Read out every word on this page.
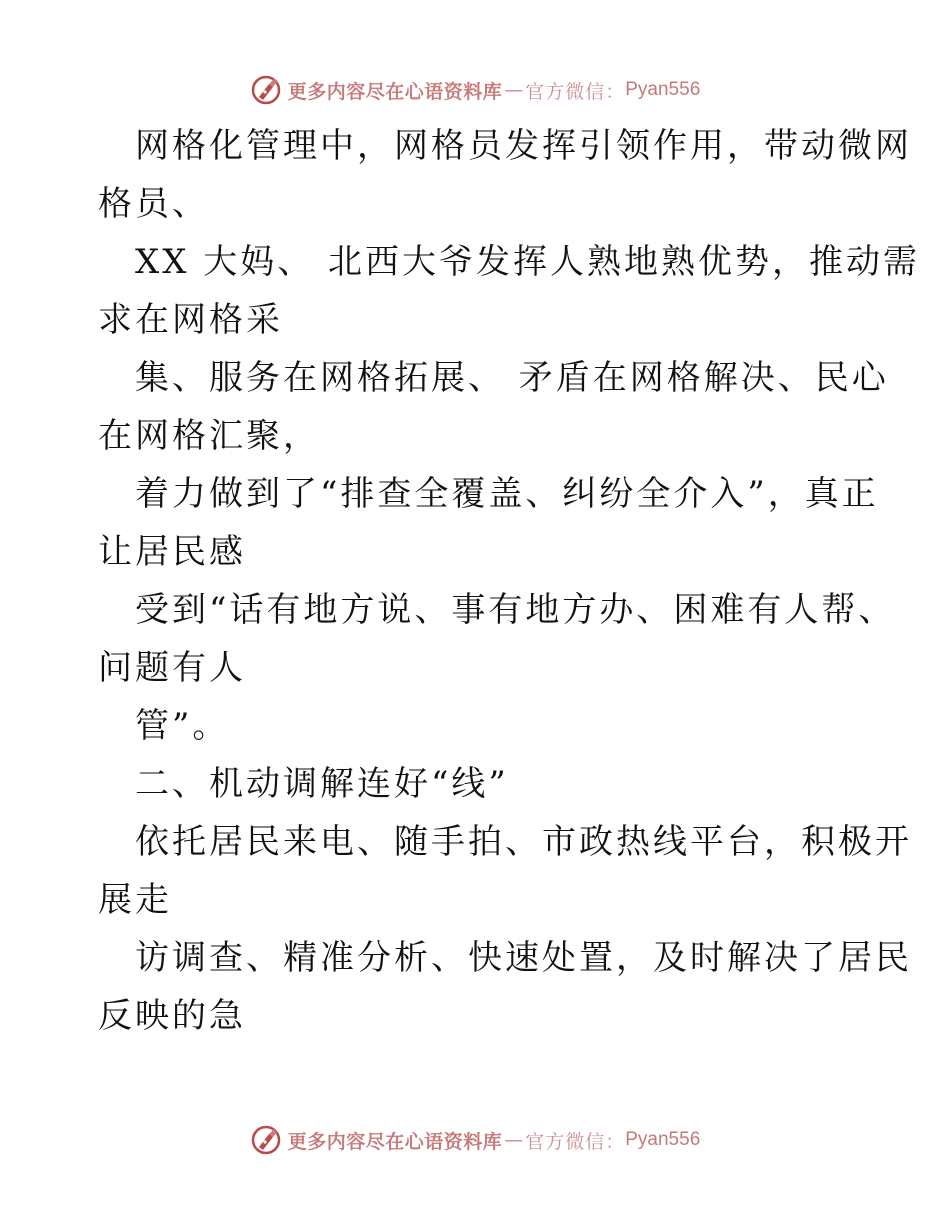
更多内容尽在心语资料库 — 官方微信： Pyan556
网格化管理中，网格员发挥引领作用，带动微网
格员、
XX 大妈、 北西大爷发挥人熟地熟优势，推动需
求在网格采
集、服务在网格拓展、 矛盾在网格解决、民心
在网格汇聚，
着力做到了“排查全覆盖、纠纷全介入”，真正
让居民感
受到“话有地方说、事有地方办、困难有人帮、
问题有人
管”。
二、机动调解连好“线”
依托居民来电、随手拍、市政热线平台，积极开
展走
访调查、精准分析、快速处置，及时解决了居民
反映的急
更多内容尽在心语资料库 — 官方微信： Pyan556
